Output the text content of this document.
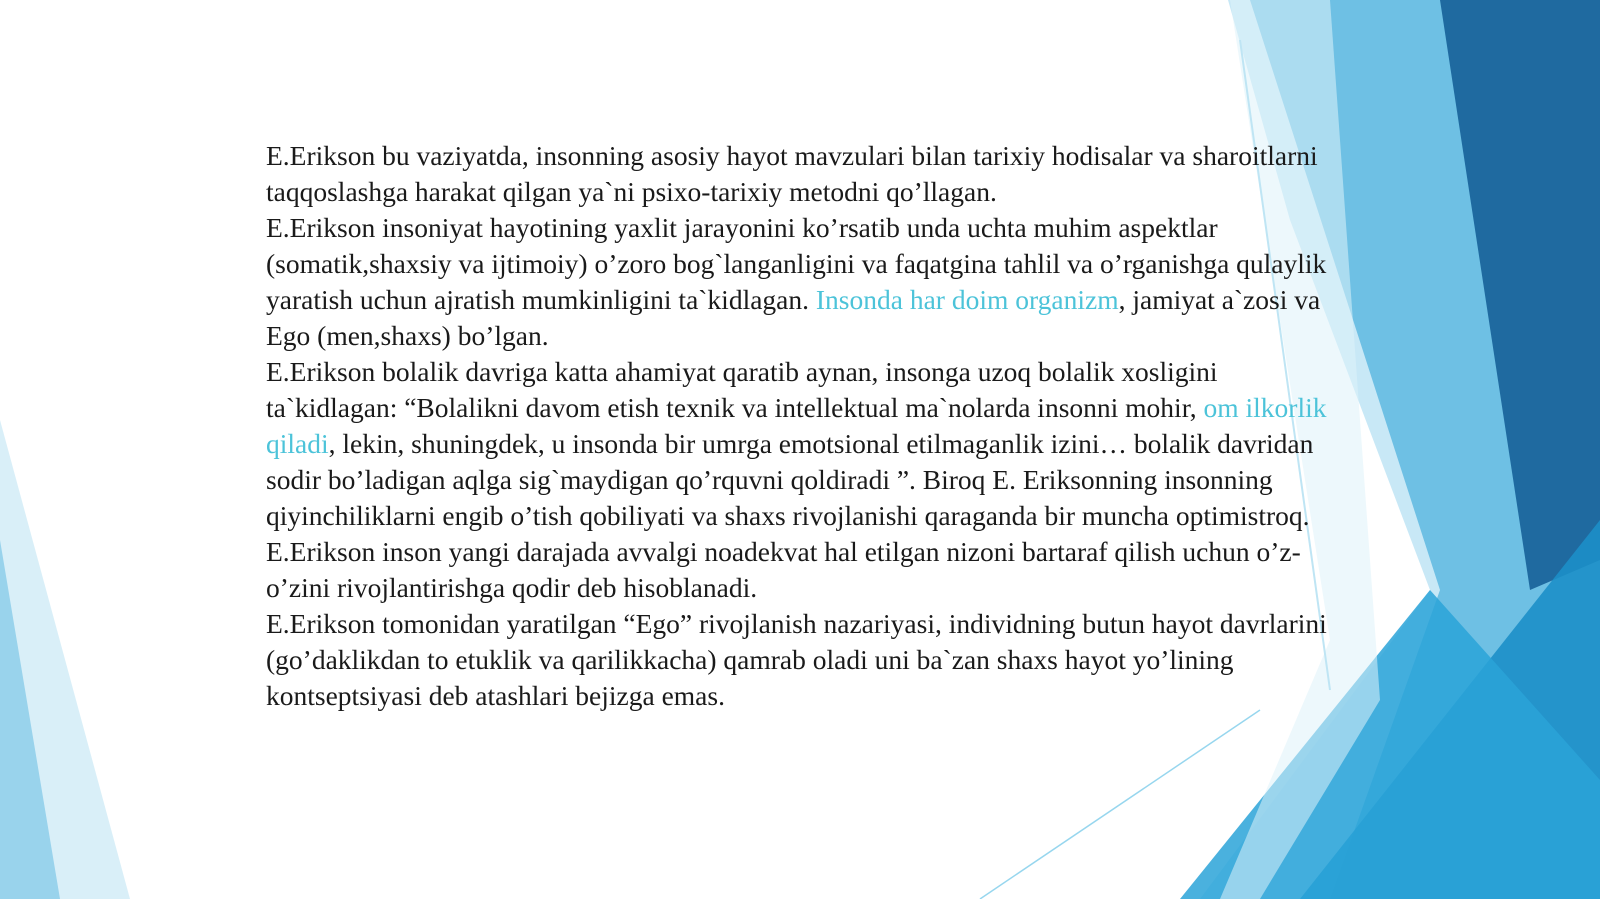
E.Erikson bu vaziyatda, insonning asosiy hayot mavzulari bilan tarixiy hodisalar va sharoitlarni taqqoslashga harakat qilgan ya`ni psixo-tarixiy metodni qo’llagan.

E.Erikson insoniyat hayotining yaxlit jarayonini ko’rsatib unda uchta muhim aspektlar (somatik,shaxsiy va ijtimoiy) o’zoro bog`langanligini va faqatgina tahlil va o’rganishga qulaylik yaratish uchun ajratish mumkinligini ta`kidlagan. Insonda har doim organizm, jamiyat a`zosi va Ego (men,shaxs) bo’lgan.

E.Erikson bolalik davriga katta ahamiyat qaratib aynan, insonga uzoq bolalik xosligini ta`kidlagan: “Bolalikni davom etish texnik va intellektual ma`nolarda insonni mohir, om ilkorlik qiladi, lekin, shuningdek, u insonda bir umrga emotsional etilmaganlik izini… bolalik davridan sodir bo’ladigan aqlga sig`maydigan qo’rquvni qoldiradi ”. Biroq E. Eriksonning insonning qiyinchiliklarni engib o’tish qobiliyati va shaxs rivojlanishi qaraganda bir muncha optimistroq. E.Erikson inson yangi darajada avvalgi noadekvat hal etilgan nizoni bartaraf qilish uchun o’z-o’zini rivojlantirishga qodir deb hisoblanadi.

E.Erikson tomonidan yaratilgan “Ego” rivojlanish nazariyasi, individning butun hayot davrlarini (go’daklikdan to etuklik va qarilikkacha) qamrab oladi uni ba`zan shaxs hayot yo’lining kontseptsiyasi deb atashlari bejizga emas.
